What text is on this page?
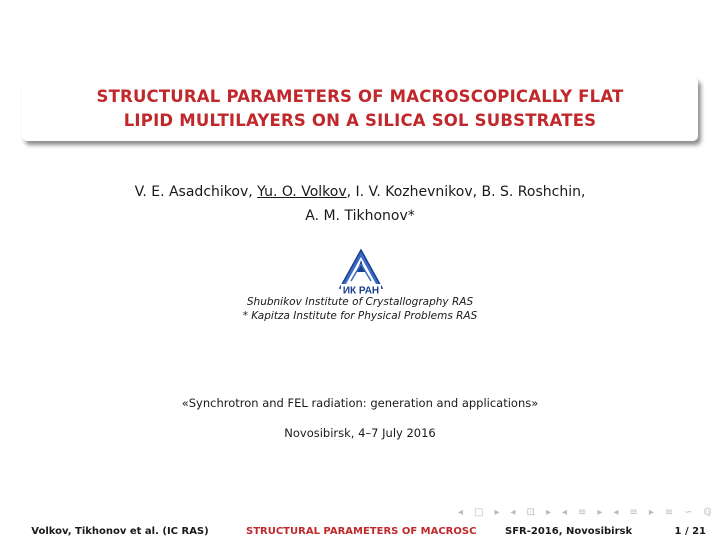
STRUCTURAL PARAMETERS OF MACROSCOPICALLY FLAT
LIPID MULTILAYERS ON A SILICA SOL SUBSTRATES
V. E. Asadchikov, Yu. O. Volkov, I. V. Kozhevnikov, B. S. Roshchin,
A. M. Tikhonov*
ИК РАН
Shubnikov Institute of Crystallography RAS
* Kapitza Institute for Physical Problems RAS
«Synchrotron and FEL radiation: generation and applications»
Novosibirsk, 4–7 July 2016
◂ □ ▸ ◂ ⊡ ▸ ◂ ≡ ▸ ◂ ≡ ▸ ≡ ∽ ℚ
Volkov, Tikhonov et al. (IC RAS)	STRUCTURAL PARAMETERS OF MACROSC	SFR-2016, Novosibirsk	1 / 21
